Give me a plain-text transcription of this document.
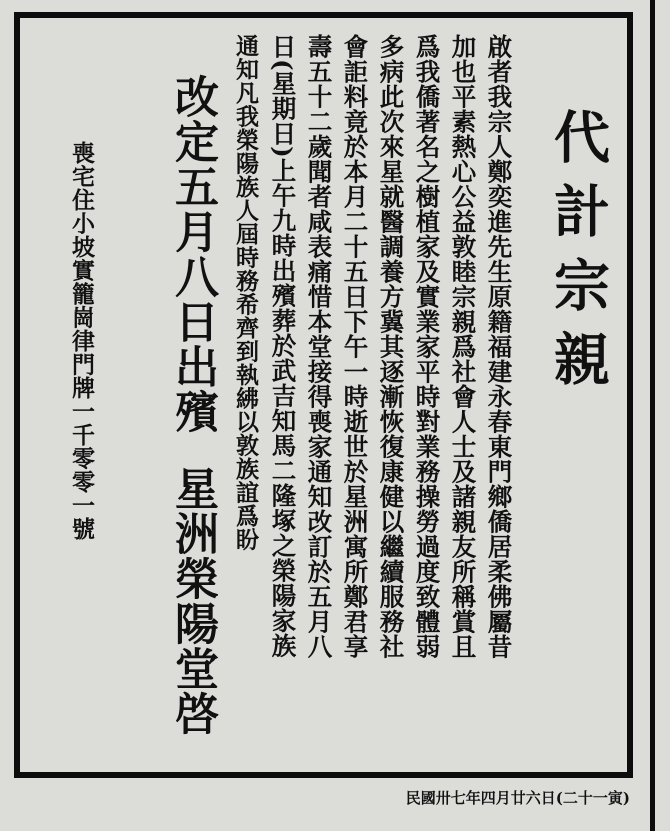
代計宗親
啟者我宗人鄭奕進先生原籍福建永春東門鄉僑居柔佛屬昔
加也平素熱心公益敦睦宗親爲社會人士及諸親友所稱賞且
爲我僑著名之樹植家及實業家平時對業務操勞過度致體弱
多病此次來星就醫調養方冀其逐漸恢復康健以繼續服務社
會詎料竟於本月二十五日下午一時逝世於星洲寓所鄭君享
壽五十二歲聞者咸表痛惜本堂接得喪家通知改訂於五月八
日(星期日)上午九時出殯葬於武吉知馬二隆塚之榮陽家族
通知凡我榮陽族人屆時務希齊到執紼以敦族誼爲盼
改定五月八日出殯
星洲榮陽堂啓
喪宅住小坡實籠崗律門牌一千零零一號
民國卅七年四月廿六日(二十一寅)
